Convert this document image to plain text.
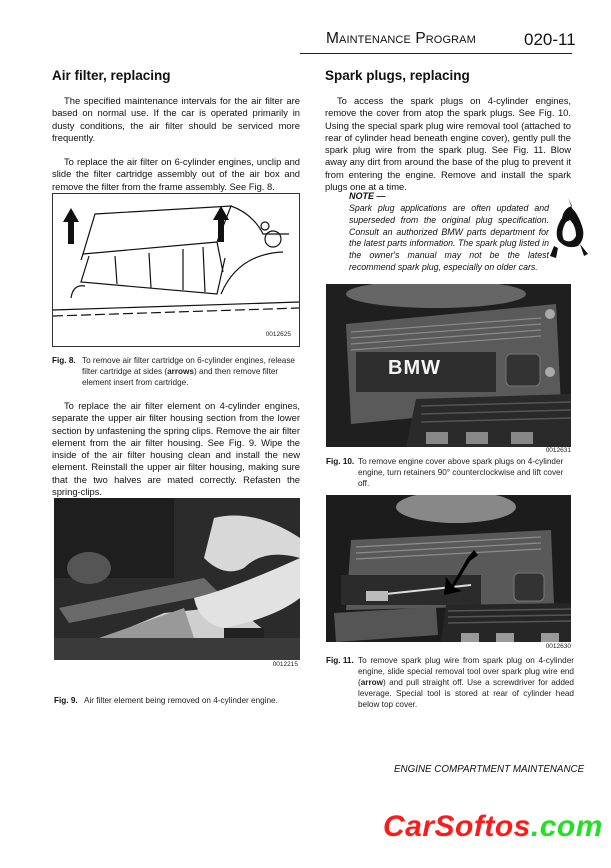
Maintenance Program	020-11
Air filter, replacing

The specified maintenance intervals for the air filter are based on normal use. If the car is operated primarily in dusty conditions, the air filter should be serviced more frequently.

To replace the air filter on 6-cylinder engines, unclip and slide the filter cartridge assembly out of the air box and remove the filter from the frame assembly. See Fig. 8.

0012625
Fig. 8. To remove air filter cartridge on 6-cylinder engines, release filter cartridge at sides (arrows) and then remove filter element insert from cartridge.

To replace the air filter element on 4-cylinder engines, separate the upper air filter housing section from the lower section by unfastening the spring clips. Remove the air filter element from the air filter housing. See Fig. 9. Wipe the inside of the air filter housing clean and install the new element. Reinstall the upper air filter housing, making sure that the two halves are mated correctly. Refasten the spring-clips.

0012215
Fig. 9. Air filter element being removed on 4-cylinder engine.
Spark plugs, replacing

To access the spark plugs on 4-cylinder engines, remove the cover from atop the spark plugs. See Fig. 10. Using the special spark plug wire removal tool (attached to rear of cylinder head beneath engine cover), gently pull the spark plug wire from the spark plug. See Fig. 11. Blow away any dirt from around the base of the plug to prevent it from entering the engine. Remove and install the spark plugs one at a time.

NOTE —
Spark plug applications are often updated and superseded from the original plug specification. Consult an authorized BMW parts department for the latest parts information. The spark plug listed in the owner's manual may not be the latest recommend spark plug, especially on older cars.
BMW
0012631
Fig. 10. To remove engine cover above spark plugs on 4-cylinder engine, turn retainers 90° counterclockwise and lift cover off.
0012630
Fig. 11. To remove spark plug wire from spark plug on 4-cylinder engine, slide special removal tool over spark plug wire end (arrow) and pull straight off. Use a screwdriver for added leverage. Special tool is stored at rear of cylinder head below top cover.
ENGINE COMPARTMENT MAINTENANCE
CarSoftos.com
